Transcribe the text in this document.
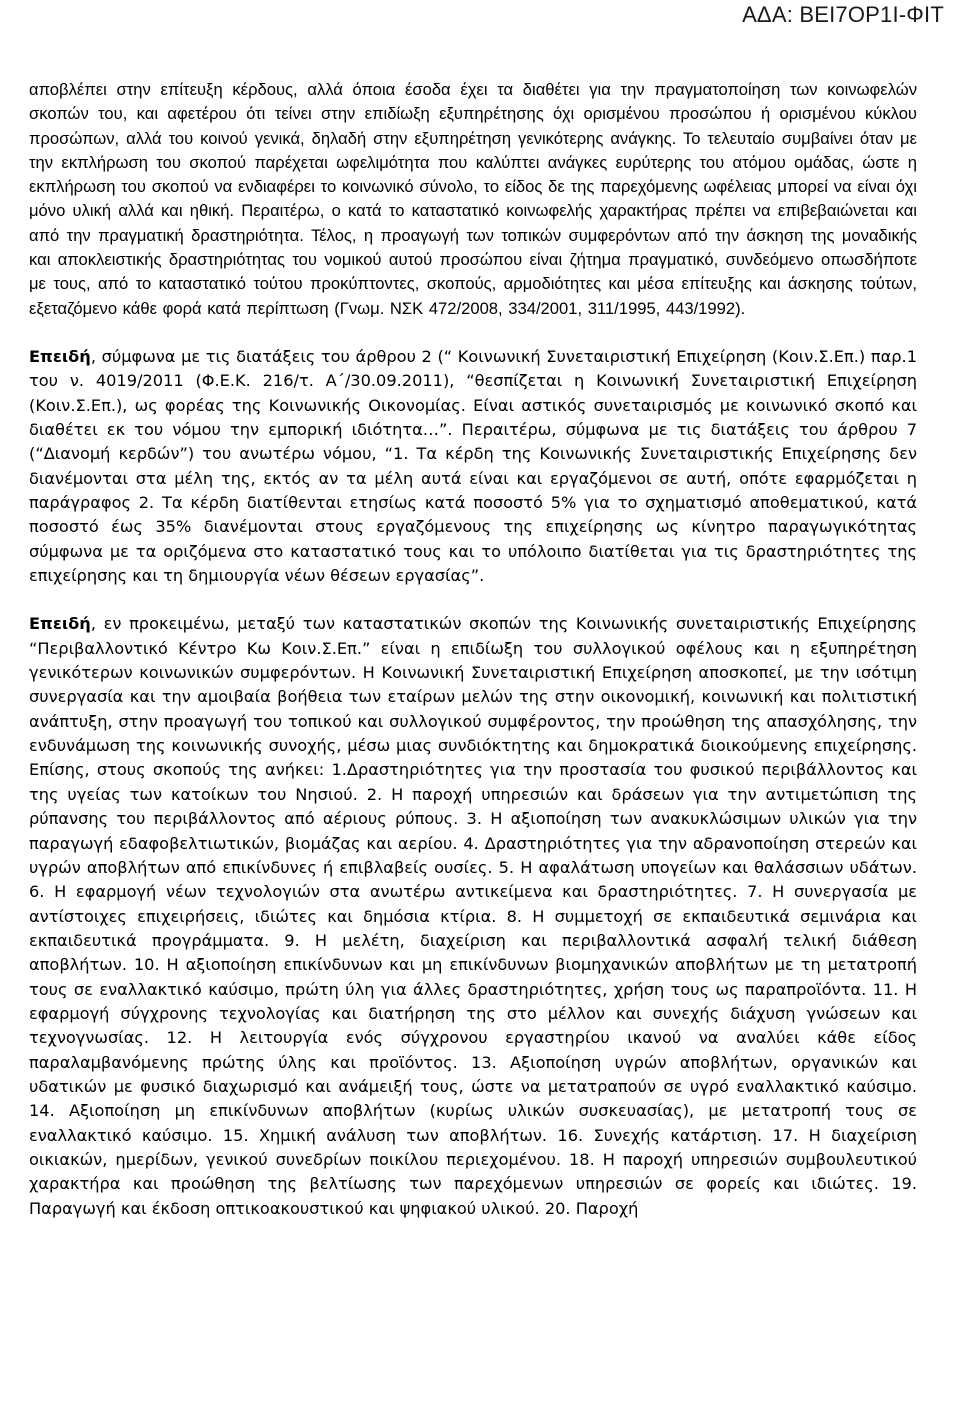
ΑΔΑ: ΒΕΙ7ΟΡ1Ι-ΦΙΤ

αποβλέπει στην επίτευξη κέρδους, αλλά όποια έσοδα έχει τα διαθέτει για την πραγματοποίηση των κοινωφελών σκοπών του, και αφετέρου ότι τείνει στην επιδίωξη εξυπηρέτησης όχι ορισμένου προσώπου ή ορισμένου κύκλου προσώπων, αλλά του κοινού γενικά, δηλαδή στην εξυπηρέτηση γενικότερης ανάγκης. Το τελευταίο συμβαίνει όταν με την εκπλήρωση του σκοπού παρέχεται ωφελιμότητα που καλύπτει ανάγκες ευρύτερης του ατόμου ομάδας, ώστε η εκπλήρωση του σκοπού να ενδιαφέρει το κοινωνικό σύνολο, το είδος δε της παρεχόμενης ωφέλειας μπορεί να είναι όχι μόνο υλική αλλά και ηθική. Περαιτέρω, ο κατά το καταστατικό κοινωφελής χαρακτήρας πρέπει να επιβεβαιώνεται και από την πραγματική δραστηριότητα. Τέλος, η προαγωγή των τοπικών συμφερόντων από την άσκηση της μοναδικής και αποκλειστικής δραστηριότητας του νομικού αυτού προσώπου είναι ζήτημα πραγματικό, συνδεόμενο οπωσδήποτε με τους, από το καταστατικό τούτου προκύπτοντες, σκοπούς, αρμοδιότητες και μέσα επίτευξης και άσκησης τούτων, εξεταζόμενο κάθε φορά κατά περίπτωση (Γνωμ. ΝΣΚ 472/2008, 334/2001, 311/1995, 443/1992).

Επειδή, σύμφωνα με τις διατάξεις του άρθρου 2 (“ Κοινωνική Συνεταιριστική Επιχείρηση (Κοιν.Σ.Επ.) παρ.1 του ν. 4019/2011 (Φ.Ε.Κ. 216/τ. Α΄/30.09.2011), “θεσπίζεται η Κοινωνική Συνεταιριστική Επιχείρηση (Κοιν.Σ.Επ.), ως φορέας της Κοινωνικής Οικονομίας. Είναι αστικός συνεταιρισμός με κοινωνικό σκοπό και διαθέτει εκ του νόμου την εμπορική ιδιότητα…”. Περαιτέρω, σύμφωνα με τις διατάξεις του άρθρου 7 (“Διανομή κερδών”) του ανωτέρω νόμου, “1. Τα κέρδη της Κοινωνικής Συνεταιριστικής Επιχείρησης δεν διανέμονται στα μέλη της, εκτός αν τα μέλη αυτά είναι και εργαζόμενοι σε αυτή, οπότε εφαρμόζεται η παράγραφος 2. Τα κέρδη διατίθενται ετησίως κατά ποσοστό 5% για το σχηματισμό αποθεματικού, κατά ποσοστό έως 35% διανέμονται στους εργαζόμενους της επιχείρησης ως κίνητρο παραγωγικότητας σύμφωνα με τα οριζόμενα στο καταστατικό τους και το υπόλοιπο διατίθεται για τις δραστηριότητες της επιχείρησης και τη δημιουργία νέων θέσεων εργασίας”.

Επειδή, εν προκειμένω, μεταξύ των καταστατικών σκοπών της Κοινωνικής συνεταιριστικής Επιχείρησης “Περιβαλλοντικό Κέντρο Κω Κοιν.Σ.Επ.” είναι η επιδίωξη του συλλογικού οφέλους και η εξυπηρέτηση γενικότερων κοινωνικών συμφερόντων. Η Κοινωνική Συνεταιριστική Επιχείρηση αποσκοπεί, με την ισότιμη συνεργασία και την αμοιβαία βοήθεια των εταίρων μελών της στην οικονομική, κοινωνική και πολιτιστική ανάπτυξη, στην προαγωγή του τοπικού και συλλογικού συμφέροντος, την προώθηση της απασχόλησης, την ενδυνάμωση της κοινωνικής συνοχής, μέσω μιας συνδιόκτητης και δημοκρατικά διοικούμενης επιχείρησης. Επίσης, στους σκοπούς της ανήκει: 1.Δραστηριότητες για την προστασία του φυσικού περιβάλλοντος και της υγείας των κατοίκων του Νησιού. 2. Η παροχή υπηρεσιών και δράσεων για την αντιμετώπιση της ρύπανσης του περιβάλλοντος από αέριους ρύπους. 3. Η αξιοποίηση των ανακυκλώσιμων υλικών για την παραγωγή εδαφοβελτιωτικών, βιομάζας και αερίου. 4. Δραστηριότητες για την αδρανοποίηση στερεών και υγρών αποβλήτων από επικίνδυνες ή επιβλαβείς ουσίες. 5. Η αφαλάτωση υπογείων και θαλάσσιων υδάτων. 6. Η εφαρμογή νέων τεχνολογιών στα ανωτέρω αντικείμενα και δραστηριότητες. 7. Η συνεργασία με αντίστοιχες επιχειρήσεις, ιδιώτες και δημόσια κτίρια. 8. Η συμμετοχή σε εκπαιδευτικά σεμινάρια και εκπαιδευτικά προγράμματα. 9. Η μελέτη, διαχείριση και περιβαλλοντικά ασφαλή τελική διάθεση αποβλήτων. 10. Η αξιοποίηση επικίνδυνων και μη επικίνδυνων βιομηχανικών αποβλήτων με τη μετατροπή τους σε εναλλακτικό καύσιμο, πρώτη ύλη για άλλες δραστηριότητες, χρήση τους ως παραπροϊόντα. 11. Η εφαρμογή σύγχρονης τεχνολογίας και διατήρηση της στο μέλλον και συνεχής διάχυση γνώσεων και τεχνογνωσίας. 12. Η λειτουργία ενός σύγχρονου εργαστηρίου ικανού να αναλύει κάθε είδος παραλαμβανόμενης πρώτης ύλης και προϊόντος. 13. Αξιοποίηση υγρών αποβλήτων, οργανικών και υδατικών με φυσικό διαχωρισμό και ανάμειξή τους, ώστε να μετατραπούν σε υγρό εναλλακτικό καύσιμο. 14. Αξιοποίηση μη επικίνδυνων αποβλήτων (κυρίως υλικών συσκευασίας), με μετατροπή τους σε εναλλακτικό καύσιμο. 15. Χημική ανάλυση των αποβλήτων. 16. Συνεχής κατάρτιση. 17. Η διαχείριση οικιακών, ημερίδων, γενικού συνεδρίων ποικίλου περιεχομένου. 18. Η παροχή υπηρεσιών συμβουλευτικού χαρακτήρα και προώθηση της βελτίωσης των παρεχόμενων υπηρεσιών σε φορείς και ιδιώτες. 19. Παραγωγή και έκδοση οπτικοακουστικού και ψηφιακού υλικού. 20. Παροχή
